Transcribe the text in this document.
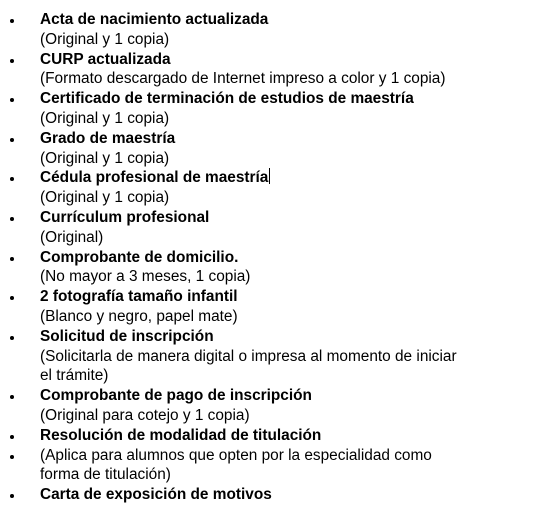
Acta de nacimiento actualizada
(Original y 1 copia)
CURP actualizada
(Formato descargado de Internet impreso a color y 1 copia)
Certificado de terminación de estudios de maestría
(Original y 1 copia)
Grado de maestría
(Original y 1 copia)
Cédula profesional de maestría
(Original y 1 copia)
Currículum profesional
(Original)
Comprobante de domicilio.
(No mayor a 3 meses, 1 copia)
2 fotografía tamaño infantil
(Blanco y negro, papel mate)
Solicitud de inscripción
(Solicitarla de manera digital o impresa al momento de iniciar
el trámite)
Comprobante de pago de inscripción
(Original para cotejo y 1 copia)
Resolución de modalidad de titulación
(Aplica para alumnos que opten por la especialidad como
forma de titulación)
Carta de exposición de motivos
